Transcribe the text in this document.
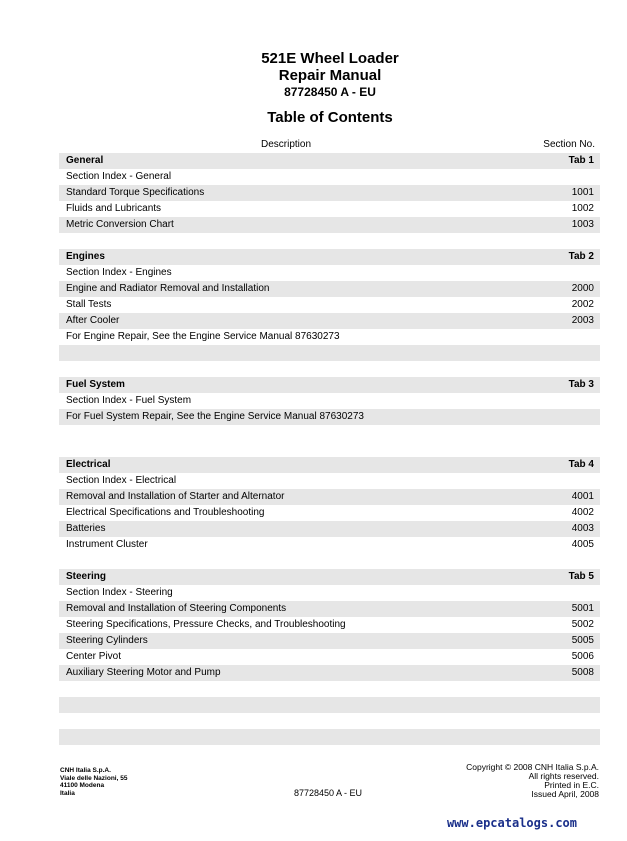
521E Wheel Loader
Repair Manual
87728450 A - EU
Table of Contents
Description	Section No.
General	Tab 1
Section Index - General
Standard Torque Specifications	1001
Fluids and Lubricants	1002
Metric Conversion Chart	1003
Engines	Tab 2
Section Index - Engines
Engine and Radiator Removal and Installation	2000
Stall Tests	2002
After Cooler	2003
For Engine Repair, See the Engine Service Manual 87630273
Fuel System	Tab 3
Section Index - Fuel System
For Fuel System Repair, See the Engine Service Manual 87630273
Electrical	Tab 4
Section Index - Electrical
Removal and Installation of Starter and Alternator	4001
Electrical Specifications and Troubleshooting	4002
Batteries	4003
Instrument Cluster	4005
Steering	Tab 5
Section Index - Steering
Removal and Installation of Steering Components	5001
Steering Specifications, Pressure Checks, and Troubleshooting	5002
Steering Cylinders	5005
Center Pivot	5006
Auxiliary Steering Motor and Pump	5008
CNH Italia S.p.A.
Viale delle Nazioni, 55
41100 Modena
Italia	87728450 A - EU
Copyright © 2008 CNH Italia S.p.A.
All rights reserved.
Printed in E.C.
Issued April, 2008
www.epcatalogs.com
